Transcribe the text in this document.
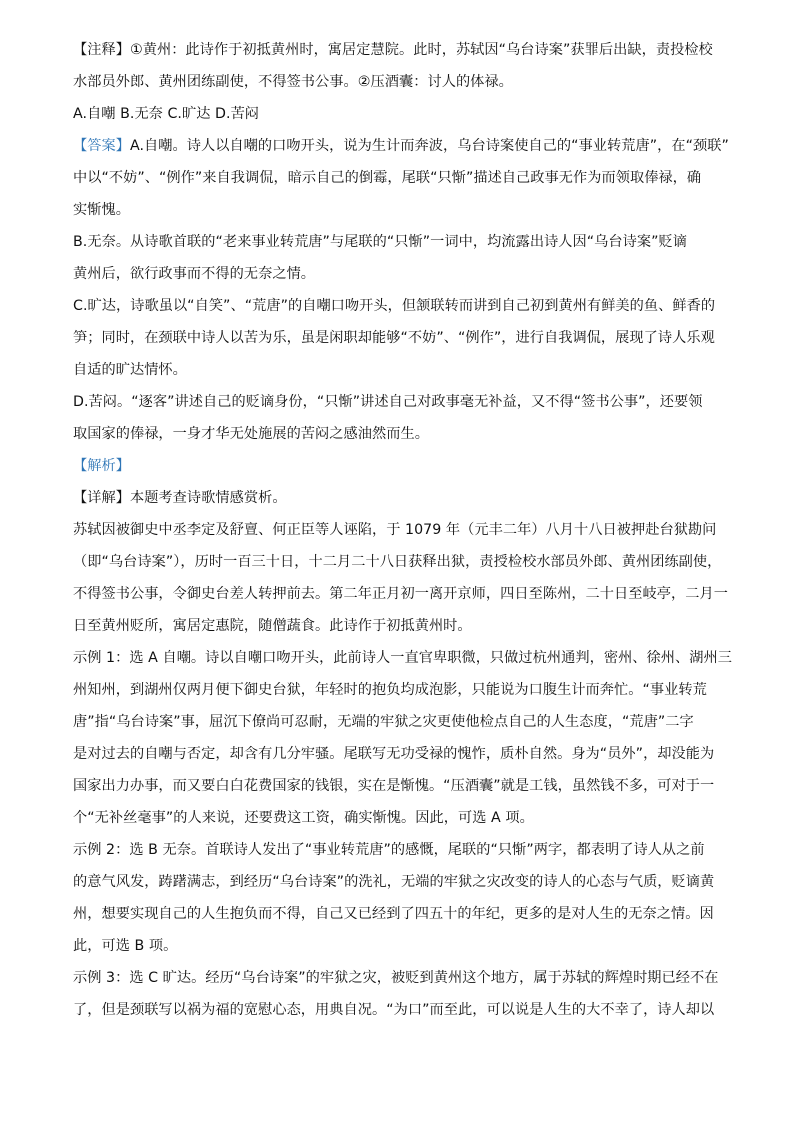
【注释】①黄州：此诗作于初抵黄州时，寓居定慧院。此时，苏轼因“乌台诗案”获罪后出缺，责投检校
水部员外郎、黄州团练副使，不得签书公事。②压酒囊：讨人的体禄。
A.自嘲 B.无奈 C.旷达 D.苦闷
【答案】A.自嘲。诗人以自嘲的口吻开头，说为生计而奔波，乌台诗案使自己的“事业转荒唐”，在“颈联”
中以“不妨”、“例作”来自我调侃，暗示自己的倒霉，尾联“只惭”描述自己政事无作为而领取俸禄，确
实惭愧。
B.无奈。从诗歌首联的“老来事业转荒唐”与尾联的“只惭”一词中，均流露出诗人因“乌台诗案”贬谪
黄州后，欲行政事而不得的无奈之情。
C.旷达，诗歌虽以“自笑”、“荒唐”的自嘲口吻开头，但颔联转而讲到自己初到黄州有鲜美的鱼、鲜香的
笋；同时，在颈联中诗人以苦为乐，虽是闲职却能够“不妨”、“例作”，进行自我调侃，展现了诗人乐观
自适的旷达情怀。
D.苦闷。“逐客”讲述自己的贬谪身份，“只惭”讲述自己对政事毫无补益，又不得“签书公事”，还要领
取国家的俸禄，一身才华无处施展的苦闷之感油然而生。
【解析】
【详解】本题考查诗歌情感赏析。
苏轼因被御史中丞李定及舒亶、何正臣等人诬陷，于 1079 年（元丰二年）八月十八日被押赴台狱勘问
（即“乌台诗案”），历时一百三十日，十二月二十八日获释出狱，责授检校水部员外郎、黄州团练副使，
不得签书公事，令御史台差人转押前去。第二年正月初一离开京师，四日至陈州，二十日至岐亭，二月一
日至黄州贬所，寓居定惠院，随僧蔬食。此诗作于初抵黄州时。
示例 1：选 A 自嘲。诗以自嘲口吻开头，此前诗人一直官卑职微，只做过杭州通判，密州、徐州、湖州三
州知州，到湖州仅两月便下御史台狱，年轻时的抱负均成泡影，只能说为口腹生计而奔忙。“事业转荒
唐”指“乌台诗案”事，屈沉下僚尚可忍耐，无端的牢狱之灾更使他检点自己的人生态度，“荒唐”二字
是对过去的自嘲与否定，却含有几分牢骚。尾联写无功受禄的愧怍，质朴自然。身为“员外”，却没能为
国家出力办事，而又要白白花费国家的钱银，实在是惭愧。“压酒囊”就是工钱，虽然钱不多，可对于一
个“无补丝毫事”的人来说，还要费这工资，确实惭愧。因此，可选 A 项。
示例 2：选 B 无奈。首联诗人发出了“事业转荒唐”的感慨，尾联的“只惭”两字，都表明了诗人从之前
的意气风发，踌躇满志，到经历“乌台诗案”的洗礼，无端的牢狱之灾改变的诗人的心态与气质，贬谪黄
州，想要实现自己的人生抱负而不得，自己又已经到了四五十的年纪，更多的是对人生的无奈之情。因
此，可选 B 项。
示例 3：选 C 旷达。经历“乌台诗案”的牢狱之灾，被贬到黄州这个地方，属于苏轼的辉煌时期已经不在
了，但是颈联写以祸为福的宽慰心态，用典自况。“为口”而至此，可以说是人生的大不幸了，诗人却以
